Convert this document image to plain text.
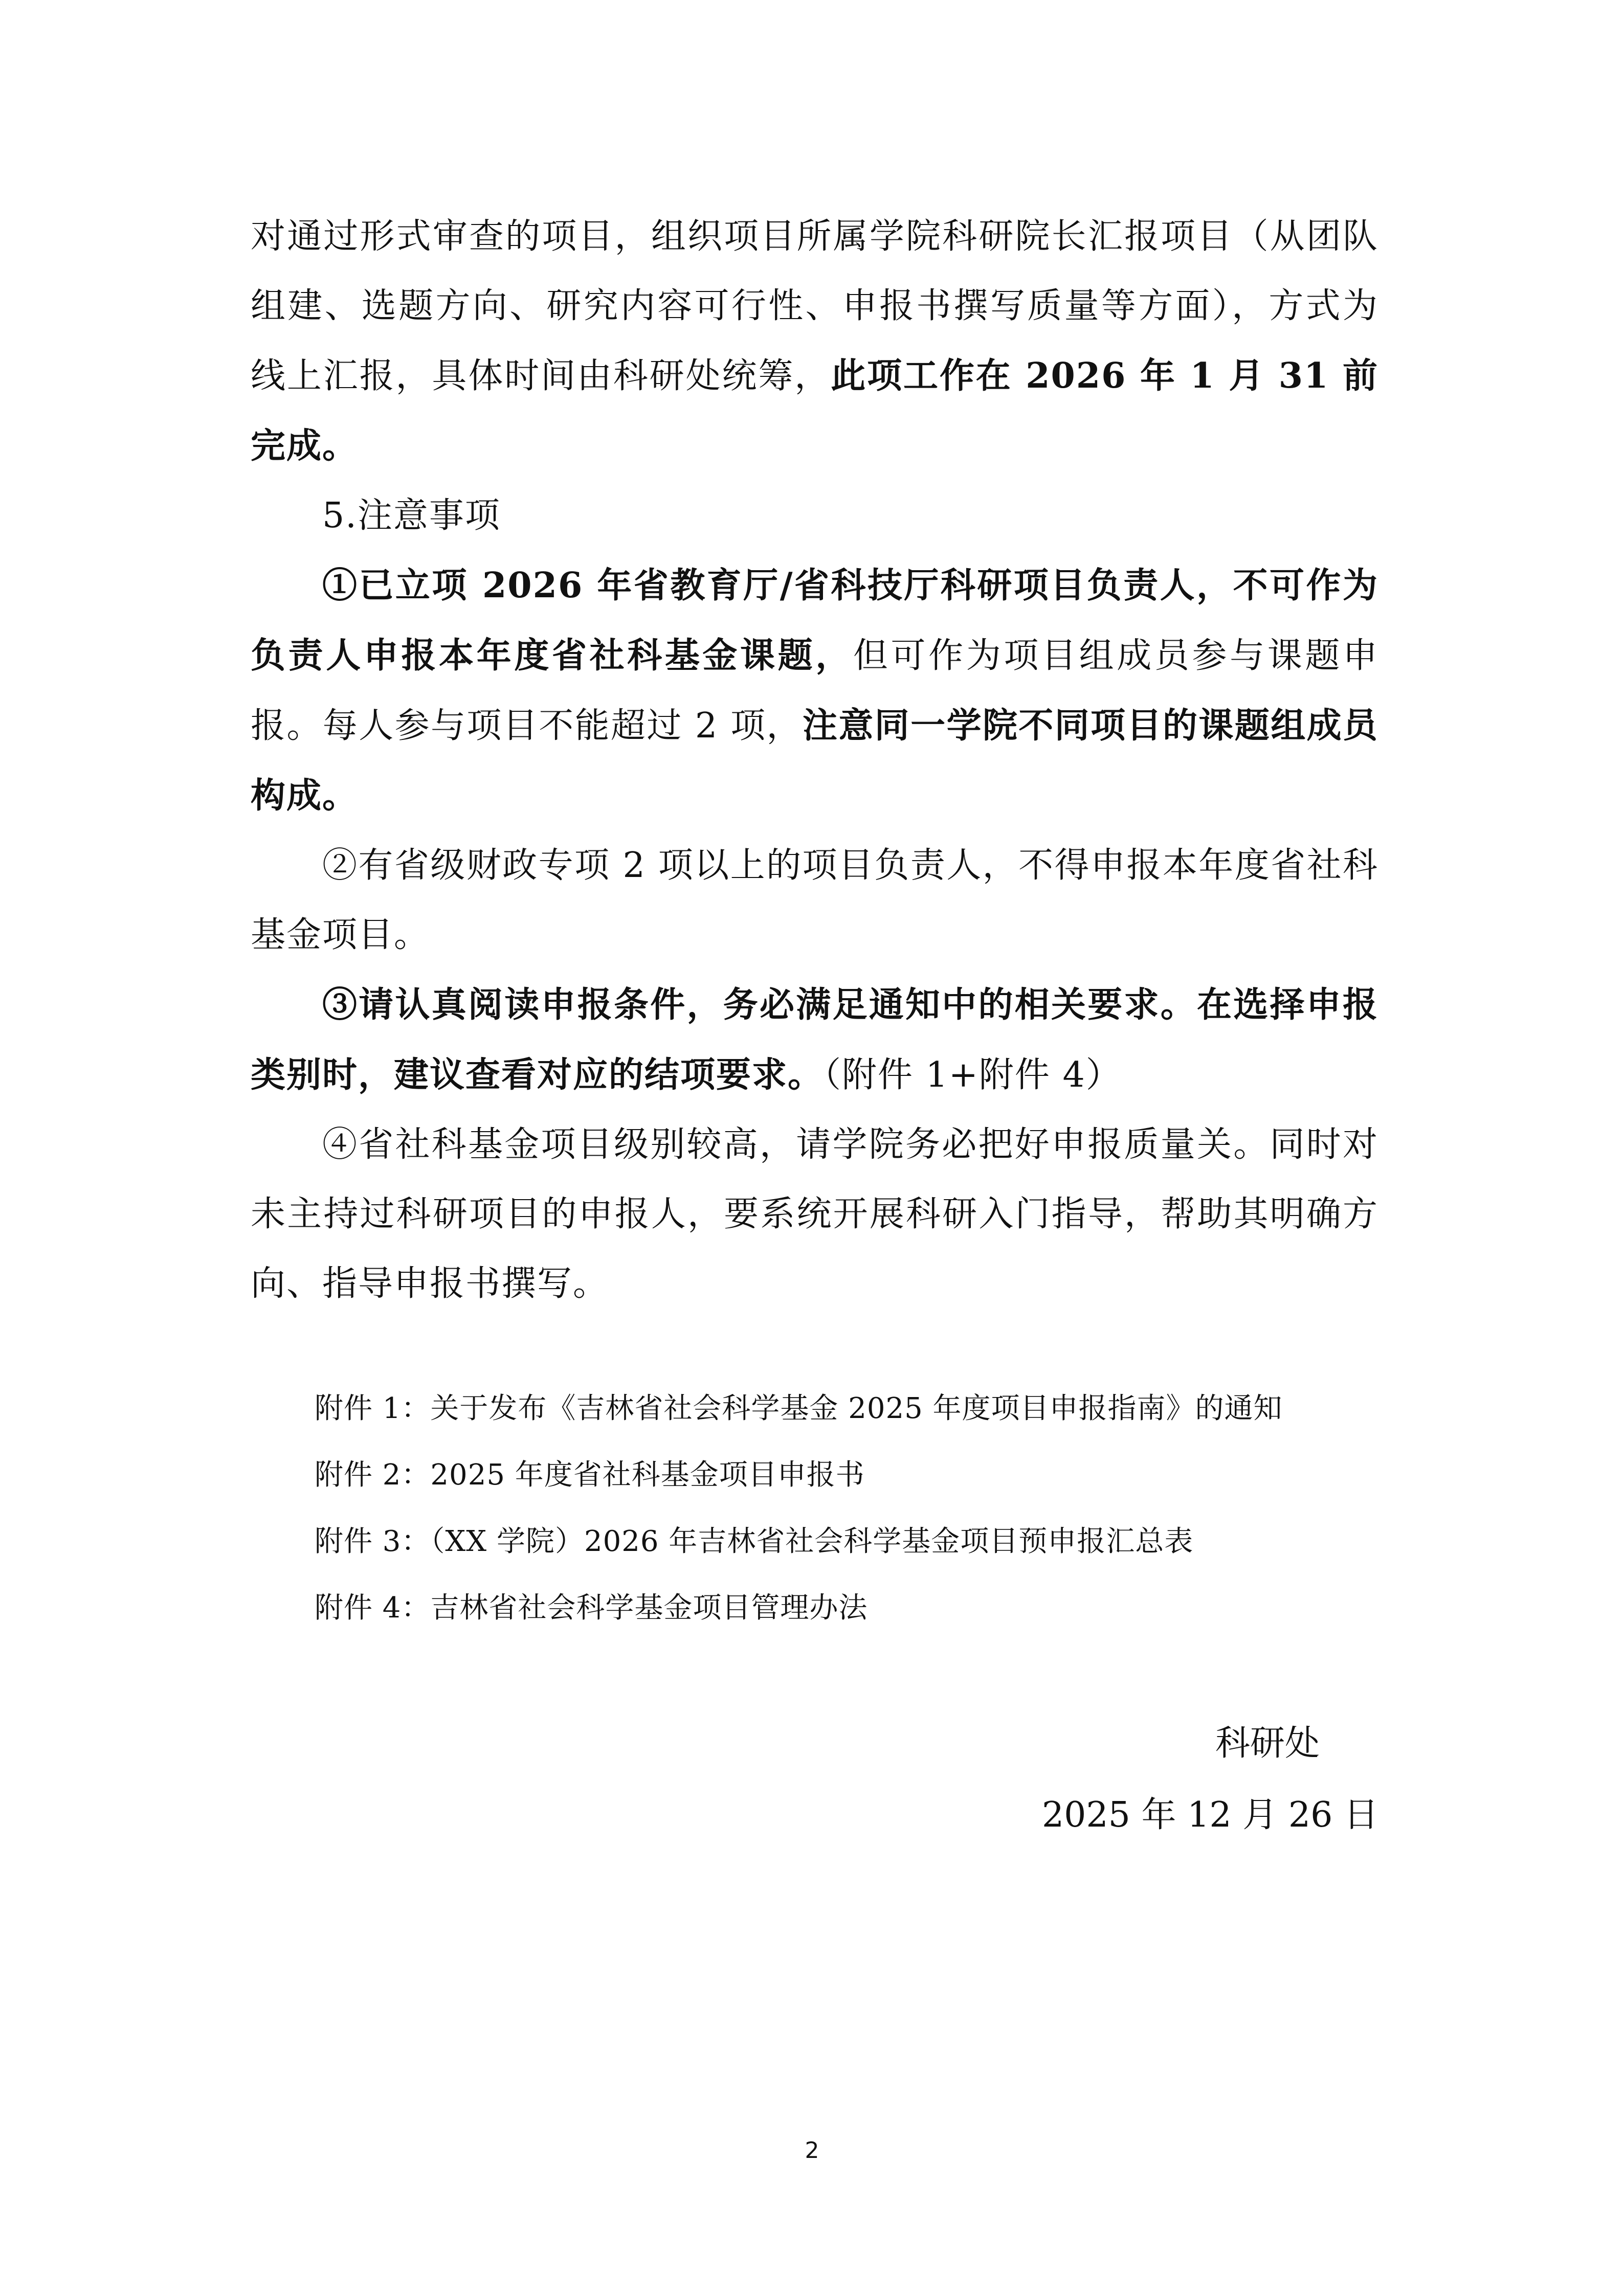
对通过形式审查的项目，组织项目所属学院科研院长汇报项目（从团队组建、选题方向、研究内容可行性、申报书撰写质量等方面），方式为线上汇报，具体时间由科研处统筹，此项工作在 2026 年 1 月 31 前完成。

5.注意事项

①已立项 2026 年省教育厅/省科技厅科研项目负责人，不可作为负责人申报本年度省社科基金课题，但可作为项目组成员参与课题申报。每人参与项目不能超过 2 项，注意同一学院不同项目的课题组成员构成。

②有省级财政专项 2 项以上的项目负责人，不得申报本年度省社科基金项目。

③请认真阅读申报条件，务必满足通知中的相关要求。在选择申报类别时，建议查看对应的结项要求。（附件 1+附件 4）

④省社科基金项目级别较高，请学院务必把好申报质量关。同时对未主持过科研项目的申报人，要系统开展科研入门指导，帮助其明确方向、指导申报书撰写。

附件 1：关于发布《吉林省社会科学基金 2025 年度项目申报指南》的通知

附件 2：2025 年度省社科基金项目申报书

附件 3：（XX 学院）2026 年吉林省社会科学基金项目预申报汇总表

附件 4：吉林省社会科学基金项目管理办法

科研处

2025 年 12 月 26 日

2
